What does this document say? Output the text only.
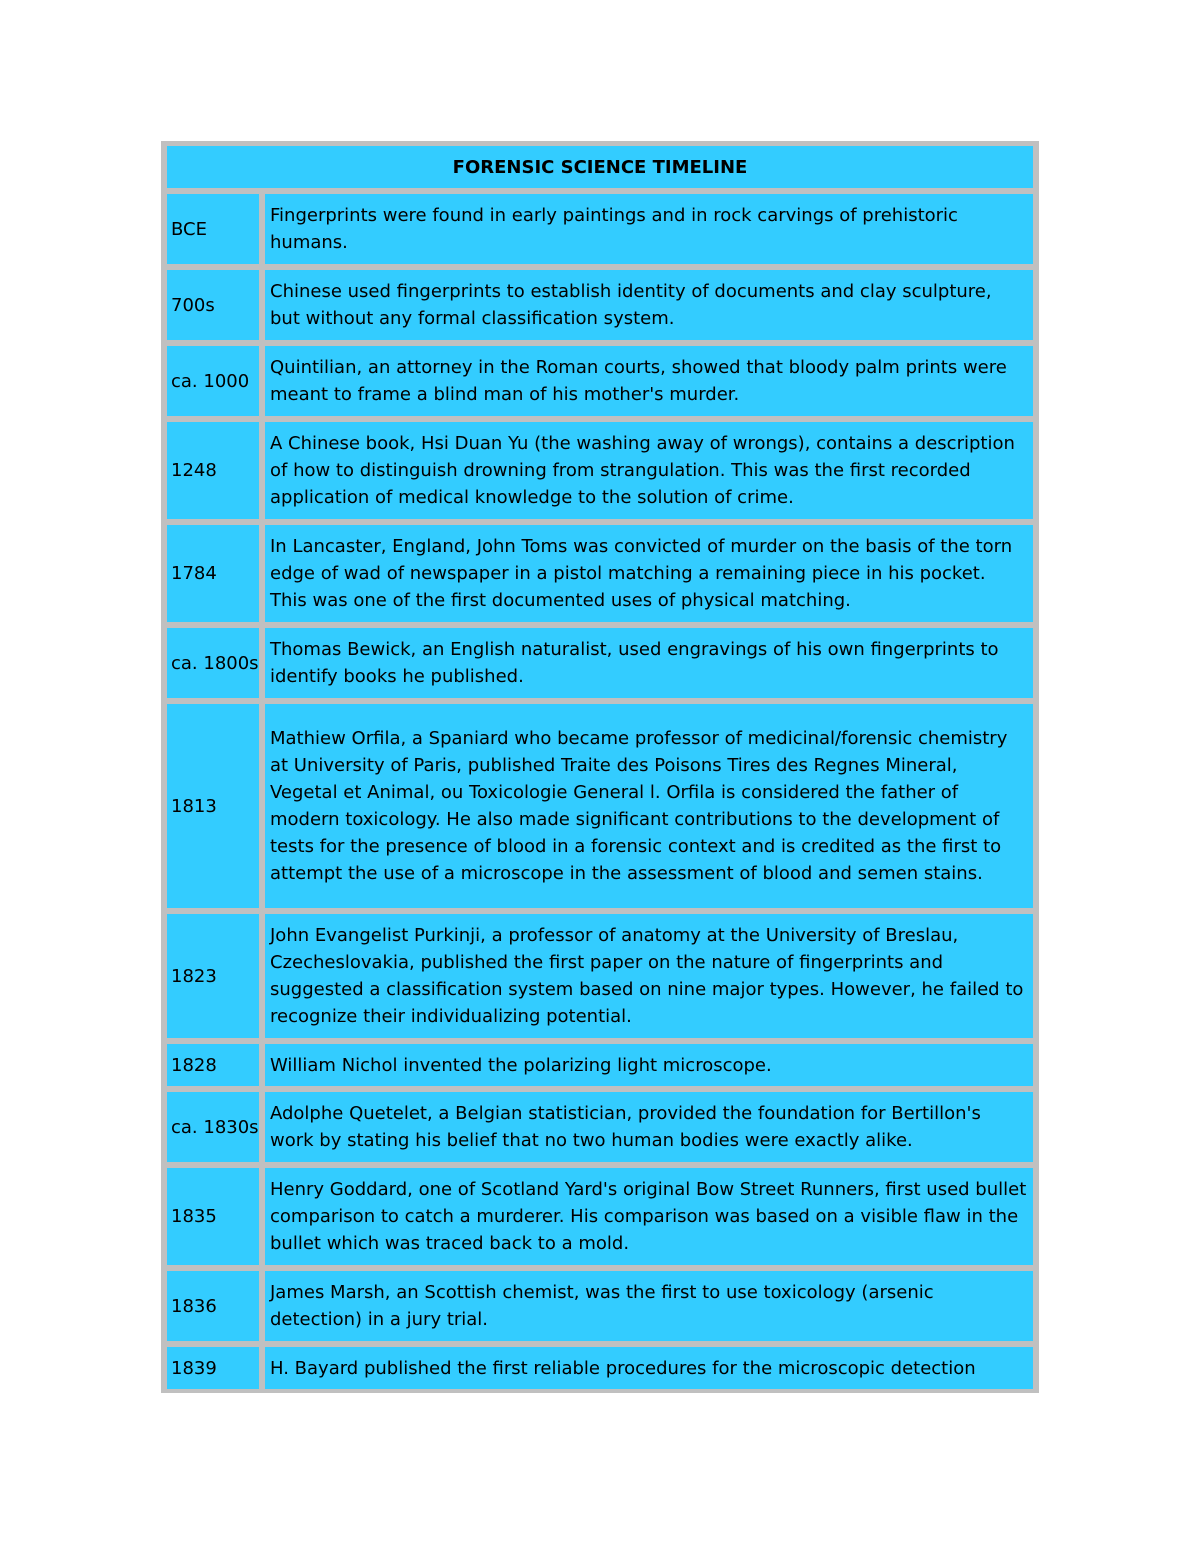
FORENSIC SCIENCE TIMELINE
BCE
Fingerprints were found in early paintings and in rock carvings of prehistoric humans.
700s
Chinese used fingerprints to establish identity of documents and clay sculpture, but without any formal classification system.
ca. 1000
Quintilian, an attorney in the Roman courts, showed that bloody palm prints were meant to frame a blind man of his mother's murder.
1248
A Chinese book, Hsi Duan Yu (the washing away of wrongs), contains a description of how to distinguish drowning from strangulation. This was the first recorded application of medical knowledge to the solution of crime.
1784
In Lancaster, England, John Toms was convicted of murder on the basis of the torn edge of wad of newspaper in a pistol matching a remaining piece in his pocket. This was one of the first documented uses of physical matching.
ca. 1800s
Thomas Bewick, an English naturalist, used engravings of his own fingerprints to identify books he published.
1813
Mathiew Orfila, a Spaniard who became professor of medicinal/forensic chemistry at University of Paris, published Traite des Poisons Tires des Regnes Mineral, Vegetal et Animal, ou Toxicologie General l. Orfila is considered the father of modern toxicology. He also made significant contributions to the development of tests for the presence of blood in a forensic context and is credited as the first to attempt the use of a microscope in the assessment of blood and semen stains.
1823
John Evangelist Purkinji, a professor of anatomy at the University of Breslau, Czecheslovakia, published the first paper on the nature of fingerprints and suggested a classification system based on nine major types. However, he failed to recognize their individualizing potential.
1828	William Nichol invented the polarizing light microscope.
ca. 1830s
Adolphe Quetelet, a Belgian statistician, provided the foundation for Bertillon's work by stating his belief that no two human bodies were exactly alike.
1835
Henry Goddard, one of Scotland Yard's original Bow Street Runners, first used bullet comparison to catch a murderer. His comparison was based on a visible flaw in the bullet which was traced back to a mold.
1836
James Marsh, an Scottish chemist, was the first to use toxicology (arsenic detection) in a jury trial.
1839	H. Bayard published the first reliable procedures for the microscopic detection
